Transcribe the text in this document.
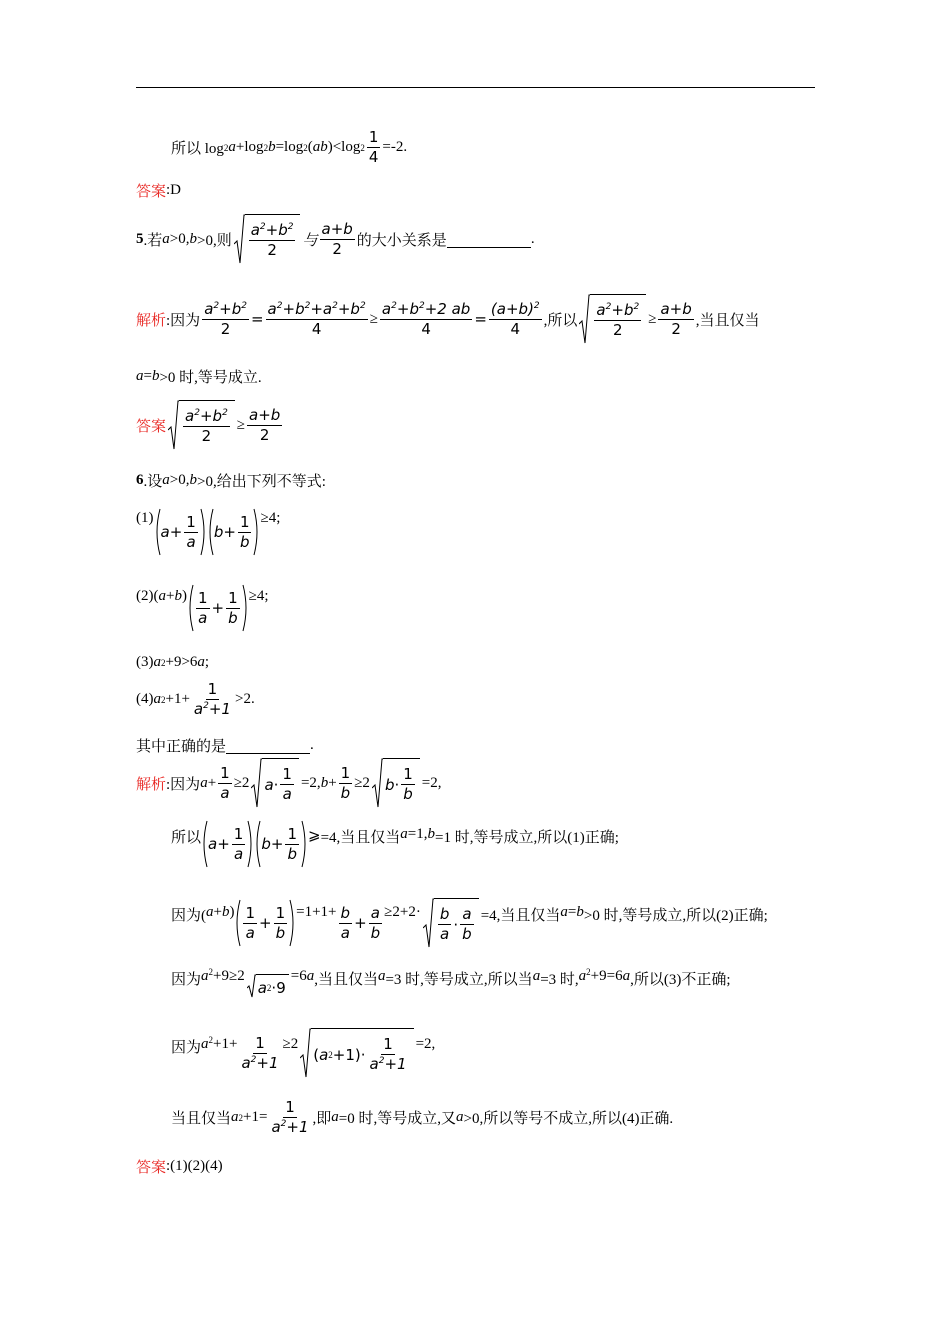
所以 log 2 a +log 2 b =log 2 ( ab ) <log $2 \frac{1}{4} =-2$.
答案 :D
5 .若 a >0, b >0,则 $\frac{a^2+b^2}{2}$ 与 $\frac{a+b}{2}$ 的大小关系是	.
解析 :因为 $\frac{a^2+b^2}{2} = \frac{a^2+b^2+a^2+b^2}{4} \ge \frac{a^2+b^2+2 ab}{4} = \frac{(a+b)^2}{4}$ ,所以 $\frac{a^2+b^2}{2} \ge \frac{a+b}{2}$ ,当且仅当
a = b >0 时,等号成立.
答案 $\frac{a^2+b^2}{2} \ge \frac{a+b}{2}$
6 .设 a >0, b >0,给出下列不等式:
(1)
$a + \frac{1}{a}$ $b + \frac{1}{b} \ge 4$;
(2)( a + b ) $\frac{1}{a} + \frac{1}{b} \ge 4$;
(3) a 2 +9>6 a ;
(4) a $2 +1+ \frac{1}{a^2+1} >2$.
其中正确的是	.
解析 :因为 $a + \frac{1}{a} \ge 2$ $a \cdot \frac{1}{a} =2$, $b + \frac{1}{b} \ge 2$ $b \cdot \frac{1}{b} =2$,
所以 $a + \frac{1}{a}$ $b + \frac{1}{b}$ ⩾ =4,当且仅当 a =1, b =1 时,等号成立,所以(1)正确;
因为( a + b ) $\frac{1}{a} + \frac{1}{b} =1+1+ \frac{b}{a} + \frac{a}{b} \ge 2+2\cdot \frac{b}{a} \cdot \frac{a}{b} =4$,当且仅当 a = b >0 时,等号成立,所以(2)正确;
因为 a 2 +9≥2
a 2 ·9
=6 a ,当且仅当 a =3 时,等号成立,所以当 a =3 时, a 2 +9=6 a ,所以(3)不正确;
因为 a $2 +1+ \frac{1}{a^2+1} \ge 2$
( a $2 +1)\cdot \frac{1}{a^2+1} =2$,
当且仅当 a $2 +1= \frac{1}{a^2+1}$ ,即 a =0 时,等号成立,又 a >0,所以等号不成立,所以(4)正确.
答案 :(1)(2)(4)
